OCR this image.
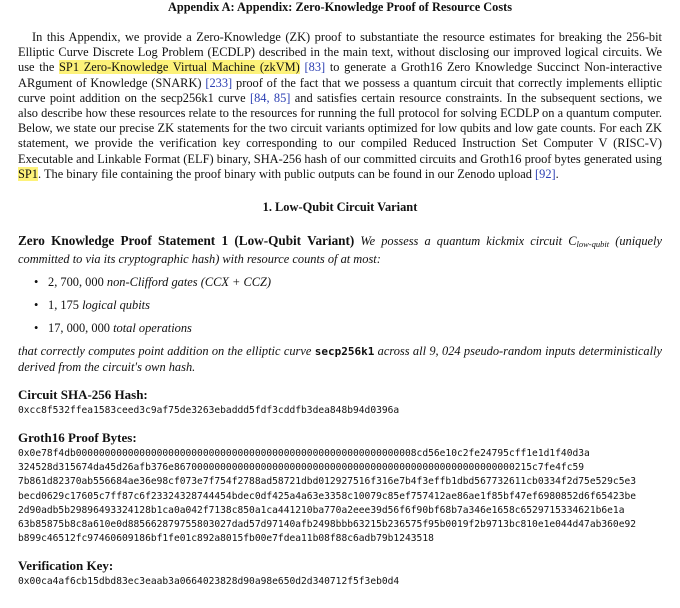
Appendix A: Appendix: Zero-Knowledge Proof of Resource Costs
In this Appendix, we provide a Zero-Knowledge (ZK) proof to substantiate the resource estimates for breaking the 256-bit Elliptic Curve Discrete Log Problem (ECDLP) described in the main text, without disclosing our improved logical circuits. We use the SP1 Zero-Knowledge Virtual Machine (zkVM) [83] to generate a Groth16 Zero Knowledge Succinct Non-interactive ARgument of Knowledge (SNARK) [233] proof of the fact that we possess a quantum circuit that correctly implements elliptic curve point addition on the secp256k1 curve [84, 85] and satisfies certain resource constraints. In the subsequent sections, we also describe how these resources relate to the resources for running the full protocol for solving ECDLP on a quantum computer. Below, we state our precise ZK statements for the two circuit variants optimized for low qubits and low gate counts. For each ZK statement, we provide the verification key corresponding to our compiled Reduced Instruction Set Computer V (RISC-V) Executable and Linkable Format (ELF) binary, SHA-256 hash of our committed circuits and Groth16 proof bytes generated using SP1. The binary file containing the proof binary with public outputs can be found in our Zenodo upload [92].
1. Low-Qubit Circuit Variant
Zero Knowledge Proof Statement 1 (Low-Qubit Variant) We possess a quantum kickmix circuit $C_{low-qubit}$ (uniquely committed to via its cryptographic hash) with resource counts of at most:
• 2, 700, 000 non-Clifford gates (CCX + CCZ)
• 1, 175 logical qubits
• 17, 000, 000 total operations
that correctly computes point addition on the elliptic curve secp256k1 across all 9, 024 pseudo-random inputs deterministically derived from the circuit's own hash.
Circuit SHA-256 Hash:
0xcc8f532ffea1583ceed3c9af75de3263ebaddd5fdf3cddfb3dea848b94d0396a
Groth16 Proof Bytes:
0x0e78f4db00000000000000000000000000000000000000000000000000000000008cd56e10c2fe24795cff1e1d1f40d3a
324528d315674da45d26afb376e86700000000000000000000000000000000000000000000000000000000215c7fe4fc59
7b861d82370ab556684ae36e98cf073e7f754f2788ad58721dbd012927516f316e7b4f3effb1dbd567732611cb0334f2d75e529c5e3
becd0629c17605c7ff87c6f23324328744454bdec0df425a4a63e3358c10079c85ef757412ae86ae1f85bf47ef6980852d6f65423be
2d90adb5b29896493324128b1ca0a042f7138c850a1ca441210ba770a2eee39d56f6f90bf68b7a346e1658c6529715334621b6e1a
63b85875b8c8a610e0d885662879755803027dad57d97140afb2498bbb63215b236575f95b0019f2b9713bc810e1e044d47ab360e92
b899c46512fc97460609186bf1fe01c892a8015fb00e7fdea11b08f88c6adb79b1243518
Verification Key:
0x00ca4af6cb15dbd83ec3eaab3a0664023828d90a98e650d2d340712f5f3eb0d4
